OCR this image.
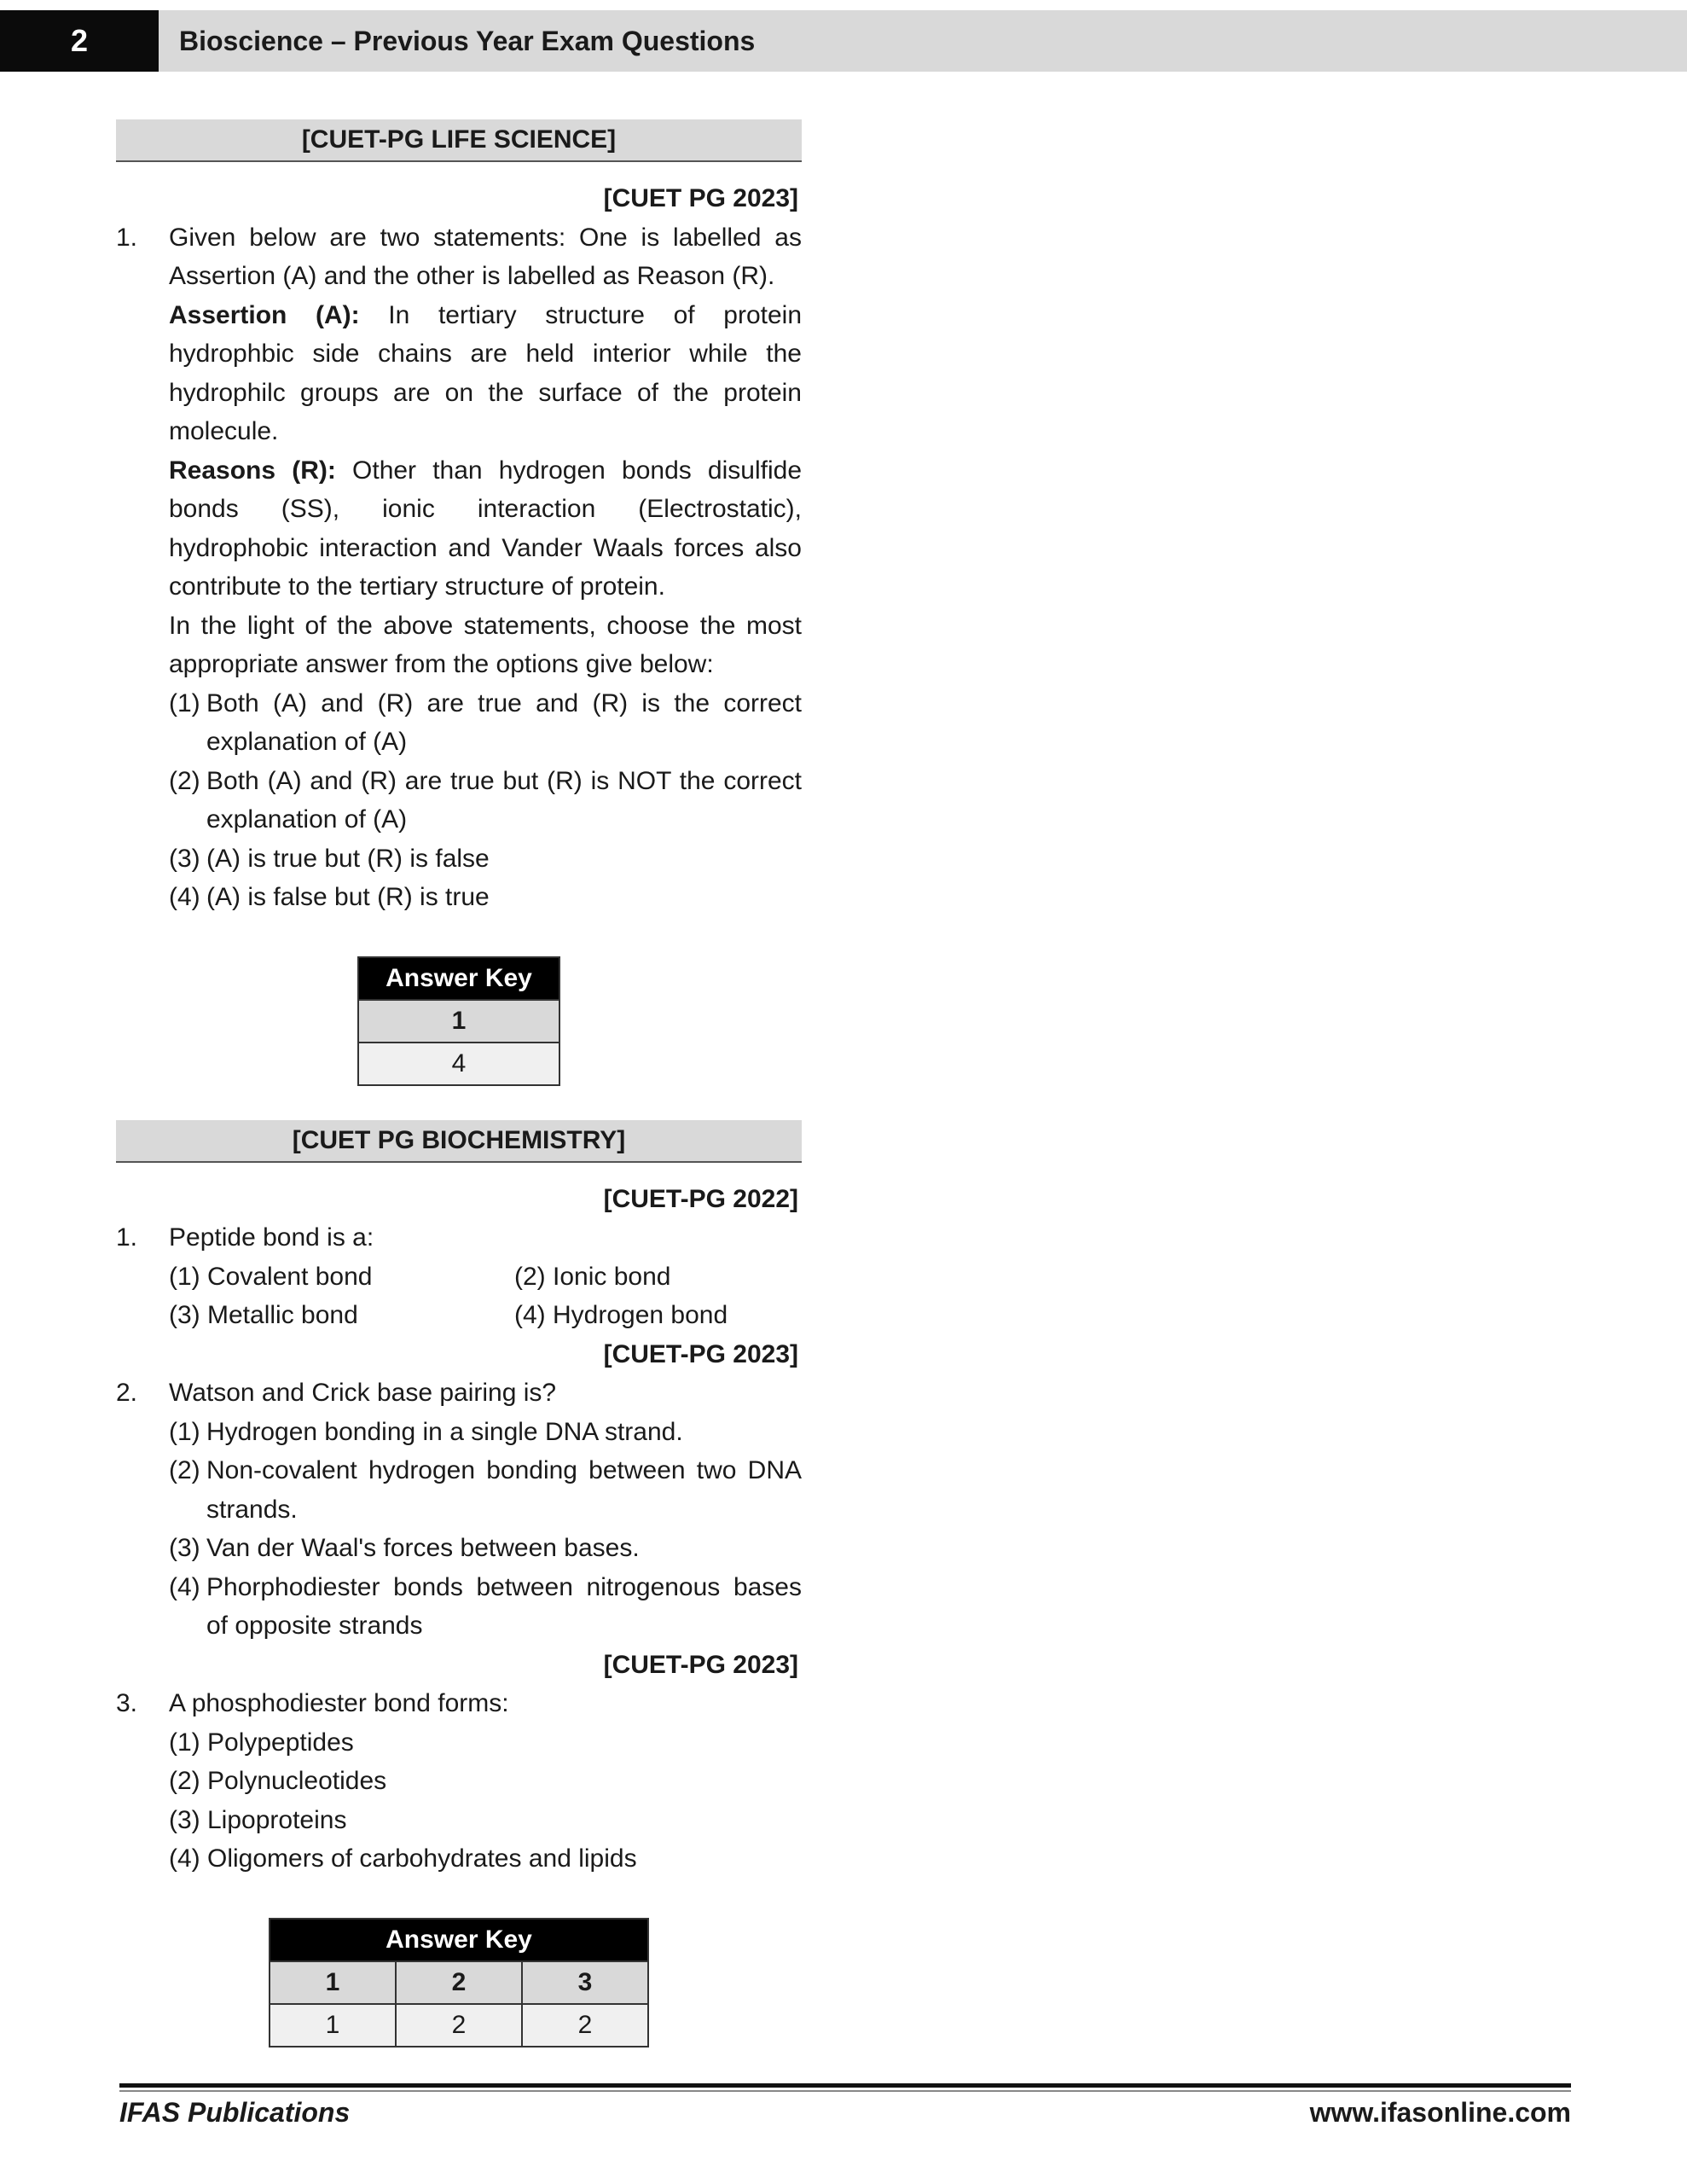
2	Bioscience – Previous Year Exam Questions
[CUET-PG LIFE SCIENCE]
[CUET PG 2023]
1.	Given below are two statements: One is labelled as Assertion (A) and the other is labelled as Reason (R).

Assertion (A): In tertiary structure of protein hydrophbic side chains are held interior while the hydrophilc groups are on the surface of the protein molecule.

Reasons (R): Other than hydrogen bonds disulfide bonds (SS), ionic interaction (Electrostatic), hydrophobic interaction and Vander Waals forces also contribute to the tertiary structure of protein.

In the light of the above statements, choose the most appropriate answer from the options give below:

(1) Both (A) and (R) are true and (R) is the correct explanation of (A)
(2) Both (A) and (R) are true but (R) is NOT the correct explanation of (A)
(3) (A) is true but (R) is false
(4) (A) is false but (R) is true
Answer Key
1
4
[CUET PG BIOCHEMISTRY]
[CUET-PG 2022]
1.	Peptide bond is a:

(1) Covalent bond	(2) Ionic bond
(3) Metallic bond	(4) Hydrogen bond
[CUET-PG 2023]
2.	Watson and Crick base pairing is?

(1) Hydrogen bonding in a single DNA strand.
(2) Non-covalent hydrogen bonding between two DNA strands.
(3) Van der Waal's forces between bases.
(4) Phorphodiester bonds between nitrogenous bases of opposite strands
[CUET-PG 2023]
3.	A phosphodiester bond forms:

(1) Polypeptides

(2) Polynucleotides

(3) Lipoproteins

(4) Oligomers of carbohydrates and lipids

Answer Key		
1	2	3
1	2	2
IFAS Publications	www.ifasonline.com
